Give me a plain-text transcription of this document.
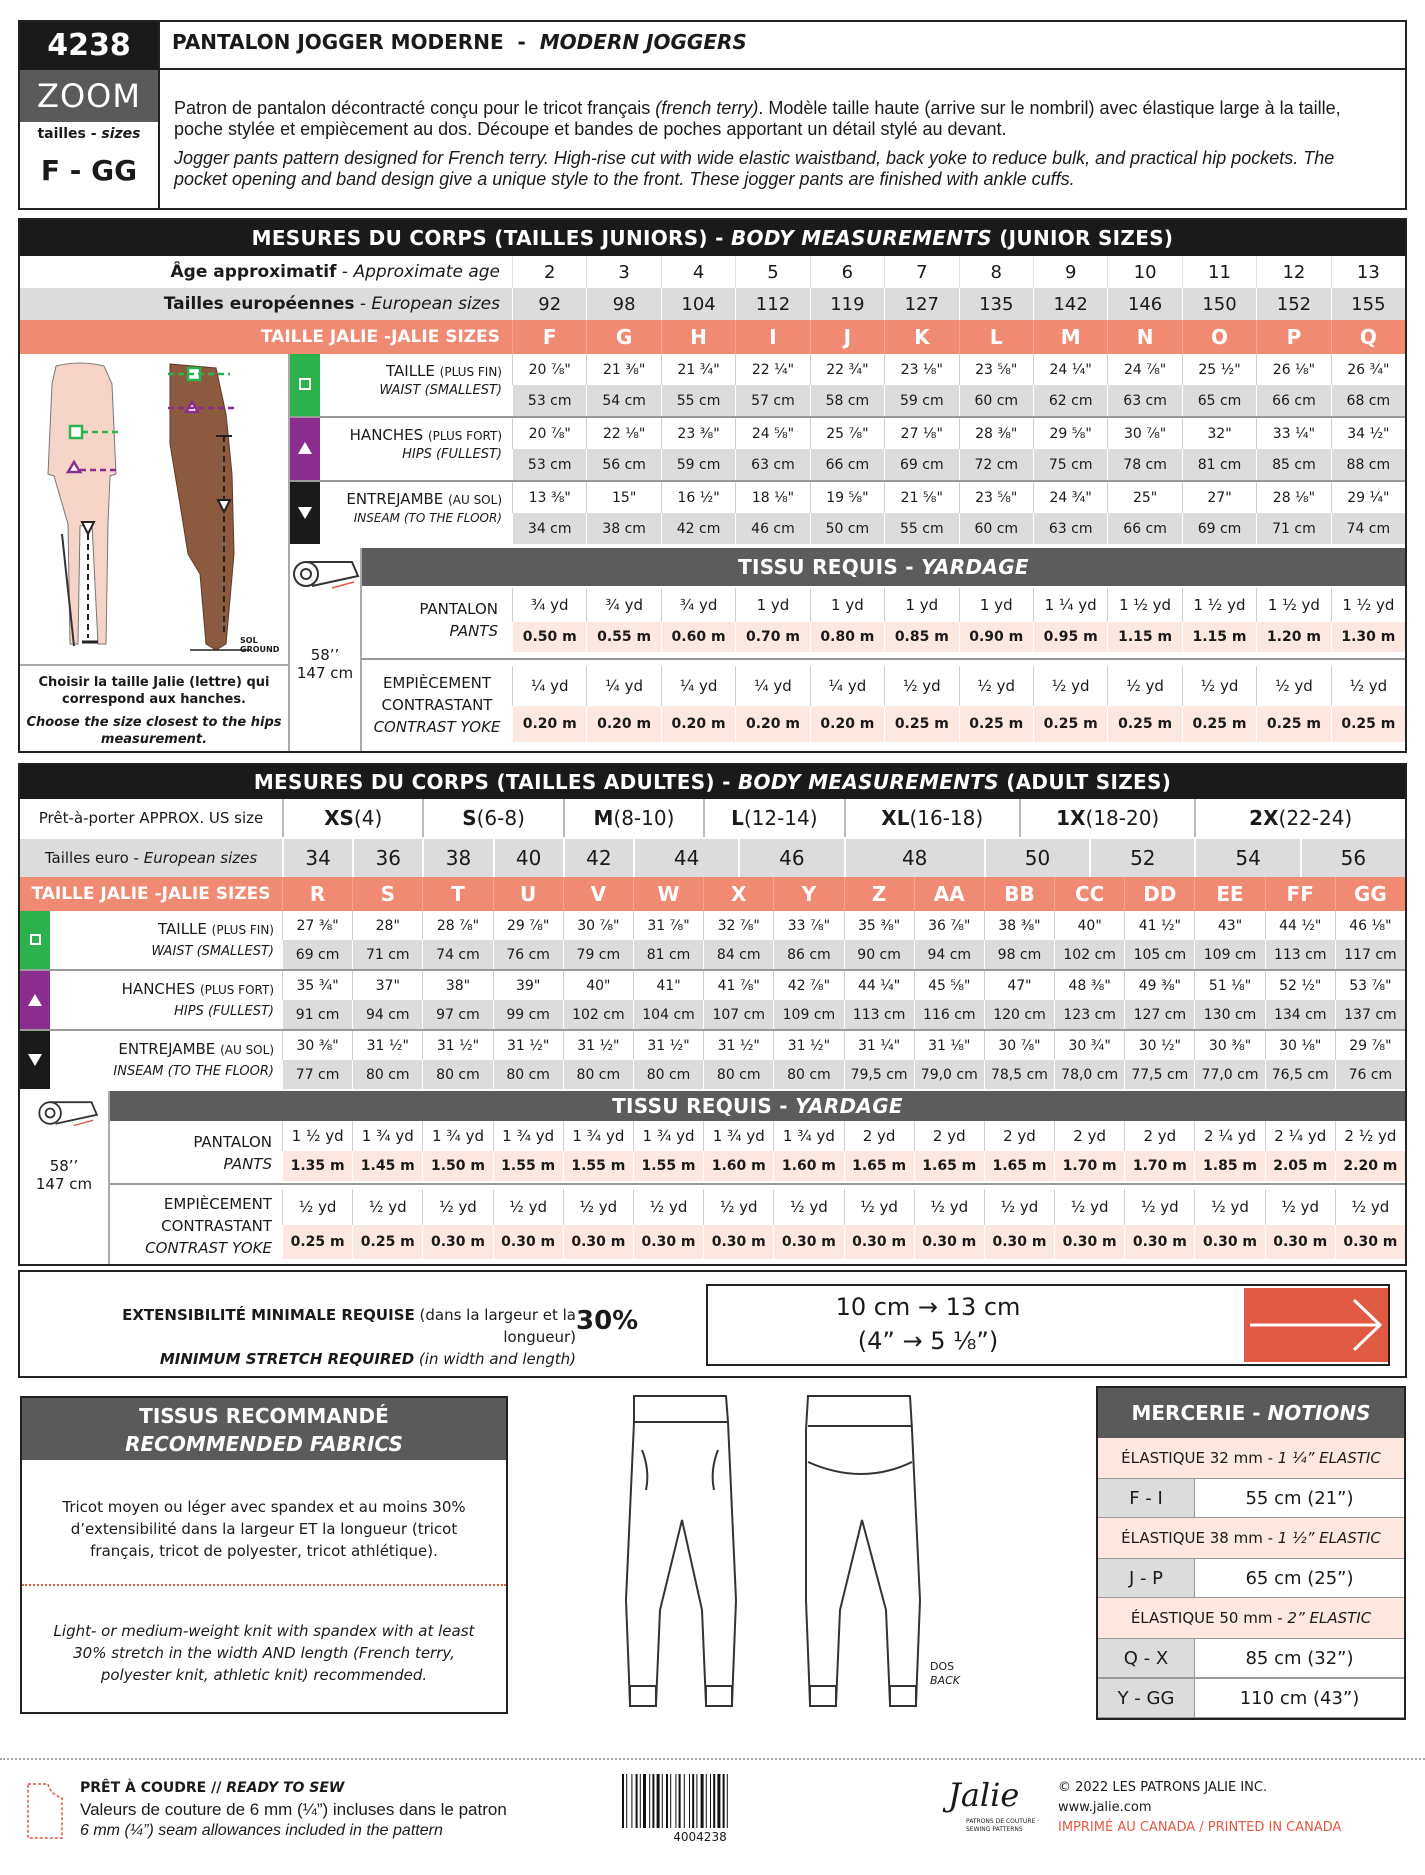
4238
ZOOM
tailles - sizes
F - GG
PANTALON JOGGER MODERNE  -  MODERN JOGGERS
Patron de pantalon décontracté conçu pour le tricot français (french terry). Modèle taille haute (arrive sur le nombril) avec élastique large à la taille, poche stylée et empiècement au dos. Découpe et bandes de poches apportant un détail stylé au devant.
Jogger pants pattern designed for French terry. High-rise cut with wide elastic waistband, back yoke to reduce bulk, and practical hip pockets. The pocket opening and band design give a unique style to the front. These jogger pants are finished with ankle cuffs.
MESURES DU CORPS (TAILLES JUNIORS) - BODY MEASUREMENTS (JUNIOR SIZES)
Âge approximatif - Approximate age	2	3	4	5	6	7	8	9	10	11	12	13
Tailles européennes - European sizes	92	98	104	112	119	127	135	142	146	150	152	155
TAILLE JALIE -JALIE SIZES	F	G	H	I	J	K	L	M	N	O	P	Q
SOL
GROUND
Choisir la taille Jalie (lettre) qui correspond aux hanches.
Choose the size closest to the hips measurement.
TAILLE (PLUS FIN)
WAIST (SMALLEST)
20 ⅞"	21 ⅜"	21 ¾"	22 ¼"	22 ¾"	23 ⅛"	23 ⅝"	24 ¼"	24 ⅞"	25 ½"	26 ⅛"	26 ¾"
53 cm	54 cm	55 cm	57 cm	58 cm	59 cm	60 cm	62 cm	63 cm	65 cm	66 cm	68 cm
HANCHES (PLUS FORT)
HIPS (FULLEST)
20 ⅞"	22 ⅛"	23 ⅜"	24 ⅝"	25 ⅞"	27 ⅛"	28 ⅜"	29 ⅝"	30 ⅞"	32"	33 ¼"	34 ½"
53 cm	56 cm	59 cm	63 cm	66 cm	69 cm	72 cm	75 cm	78 cm	81 cm	85 cm	88 cm
ENTREJAMBE (AU SOL)
INSEAM (TO THE FLOOR)
13 ⅜"	15"	16 ½"	18 ⅛"	19 ⅝"	21 ⅝"	23 ⅝"	24 ¾"	25"	27"	28 ⅛"	29 ¼"
34 cm	38 cm	42 cm	46 cm	50 cm	55 cm	60 cm	63 cm	66 cm	69 cm	71 cm	74 cm
58’’
147 cm
TISSU REQUIS - YARDAGE
PANTALON
PANTS
¾ yd	¾ yd	¾ yd	1 yd	1 yd	1 yd	1 yd	1 ¼ yd	1 ½ yd	1 ½ yd	1 ½ yd	1 ½ yd
0.50 m	0.55 m	0.60 m	0.70 m	0.80 m	0.85 m	0.90 m	0.95 m	1.15 m	1.15 m	1.20 m	1.30 m
EMPIÈCEMENT
CONTRASTANT
CONTRAST YOKE
¼ yd	¼ yd	¼ yd	¼ yd	¼ yd	½ yd	½ yd	½ yd	½ yd	½ yd	½ yd	½ yd
0.20 m	0.20 m	0.20 m	0.20 m	0.20 m	0.25 m	0.25 m	0.25 m	0.25 m	0.25 m	0.25 m	0.25 m
MESURES DU CORPS (TAILLES ADULTES) - BODY MEASUREMENTS (ADULT SIZES)
Prêt-à-porter APPROX. US size	XS (4)	S (6-8)	M (8-10)	L (12-14)	XL (16-18)	1X (18-20)	2X (22-24)
Tailles euro - European sizes	34	36	38	40	42	44	46	48	50	52	54	56
TAILLE JALIE -JALIE SIZES	R	S	T	U	V	W	X	Y	Z	AA	BB	CC	DD	EE	FF	GG
TAILLE (PLUS FIN)
WAIST (SMALLEST)
27 ⅜"	28"	28 ⅞"	29 ⅞"	30 ⅞"	31 ⅞"	32 ⅞"	33 ⅞"	35 ⅜"	36 ⅞"	38 ⅜"	40"	41 ½"	43"	44 ½"	46 ⅛"
69 cm	71 cm	74 cm	76 cm	79 cm	81 cm	84 cm	86 cm	90 cm	94 cm	98 cm	102 cm	105 cm	109 cm	113 cm	117 cm
HANCHES (PLUS FORT)
HIPS (FULLEST)
35 ¾"	37"	38"	39"	40"	41"	41 ⅞"	42 ⅞"	44 ¼"	45 ⅝"	47"	48 ⅜"	49 ⅜"	51 ⅛"	52 ½"	53 ⅞"
91 cm	94 cm	97 cm	99 cm	102 cm	104 cm	107 cm	109 cm	113 cm	116 cm	120 cm	123 cm	127 cm	130 cm	134 cm	137 cm
ENTREJAMBE (AU SOL)
INSEAM (TO THE FLOOR)
30 ⅜"	31 ½"	31 ½"	31 ½"	31 ½"	31 ½"	31 ½"	31 ½"	31 ¼"	31 ⅛"	30 ⅞"	30 ¾"	30 ½"	30 ⅜"	30 ⅛"	29 ⅞"
77 cm	80 cm	80 cm	80 cm	80 cm	80 cm	80 cm	80 cm	79,5 cm 79,0 cm 78,5 cm 78,0 cm 77,5 cm 77,0 cm 76,5 cm	76 cm
58’’
147 cm
TISSU REQUIS - YARDAGE
PANTALON
PANTS
1 ½ yd	1 ¾ yd	1 ¾ yd	1 ¾ yd	1 ¾ yd	1 ¾ yd	1 ¾ yd	1 ¾ yd	2 yd	2 yd	2 yd	2 yd	2 yd	2 ¼ yd	2 ¼ yd	2 ½ yd
1.35 m	1.45 m	1.50 m	1.55 m	1.55 m	1.55 m	1.60 m	1.60 m	1.65 m	1.65 m	1.65 m	1.70 m	1.70 m	1.85 m	2.05 m	2.20 m
EMPIÈCEMENT
CONTRASTANT
CONTRAST YOKE
½ yd	½ yd	½ yd	½ yd	½ yd	½ yd	½ yd	½ yd	½ yd	½ yd	½ yd	½ yd	½ yd	½ yd	½ yd	½ yd
0.25 m	0.25 m	0.30 m	0.30 m	0.30 m	0.30 m	0.30 m	0.30 m	0.30 m	0.30 m	0.30 m	0.30 m	0.30 m	0.30 m	0.30 m	0.30 m
EXTENSIBILITÉ MINIMALE REQUISE (dans la largeur et la longueur)
MINIMUM STRETCH REQUIRED (in width and length)
30%	10 cm → 13 cm
(4” → 5 ⅛”)
TISSUS RECOMMANDÉ
RECOMMENDED FABRICS
Tricot moyen ou léger avec spandex et au moins 30% d’extensibilité dans la largeur ET la longueur (tricot français, tricot de polyester, tricot athlétique).
Light- or medium-weight knit with spandex with at least 30% stretch in the width AND length (French terry, polyester knit, athletic knit) recommended.	DOS
BACK
MERCERIE - NOTIONS
ÉLASTIQUE 32 mm - 1 ¼” ELASTIC
F - I	55 cm (21”)
ÉLASTIQUE 38 mm - 1 ½” ELASTIC
J - P	65 cm (25”)
ÉLASTIQUE 50 mm - 2” ELASTIC
Q - X	85 cm (32”)
Y - GG	110 cm (43”)
PRÊT À COUDRE // READY TO SEW
Valeurs de couture de 6 mm (¼”) incluses dans le patron
6 mm (¼”) seam allowances included in the pattern	4004238
Jalie
PATRONS DE COUTURE · SEWING PATTERNS
© 2022 LES PATRONS JALIE INC.
www.jalie.com
IMPRIMÉ AU CANADA / PRINTED IN CANADA
